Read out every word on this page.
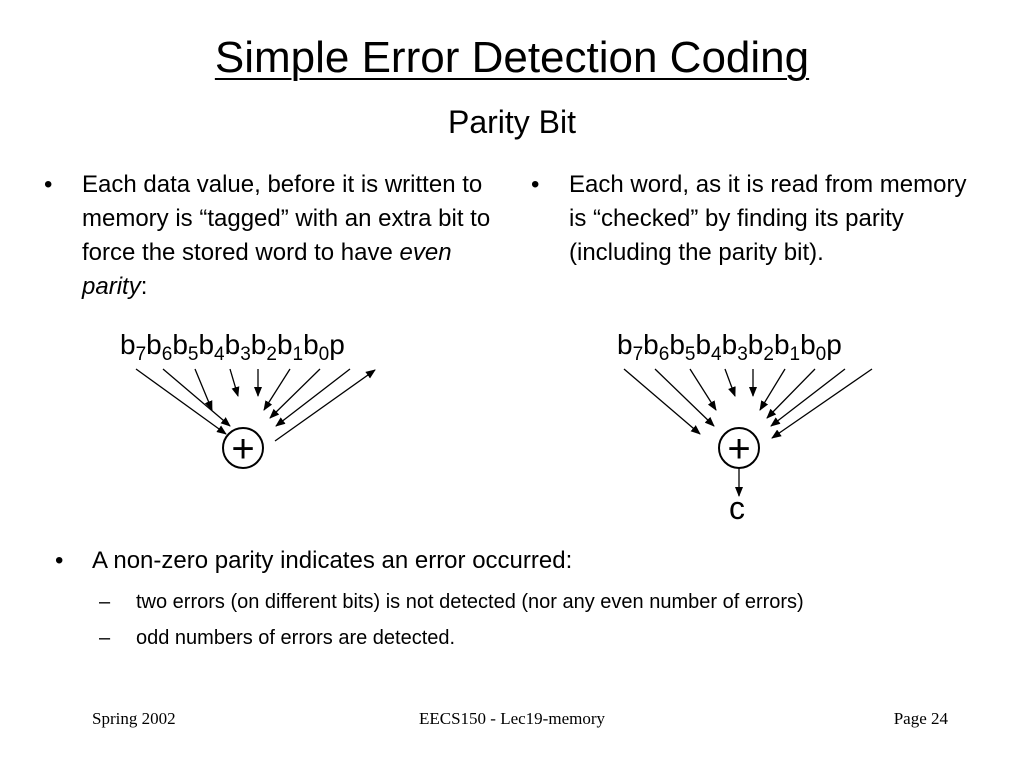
Simple Error Detection Coding
Parity Bit
• Each data value, before it is written to memory is “tagged” with an extra bit to force the stored word to have even parity:
• Each word, as it is read from memory is “checked” by finding its parity (including the parity bit).
$b_7b_6b_5b_4b_3b_2b_1b_0p$	$b_7b_6b_5b_4b_3b_2b_1b_0p$
+	+
c
• A non-zero parity indicates an error occurred:
– two errors (on different bits) is not detected (nor any even number of errors)
– odd numbers of errors are detected.
Spring 2002	EECS150 - Lec19-memory	Page 24
